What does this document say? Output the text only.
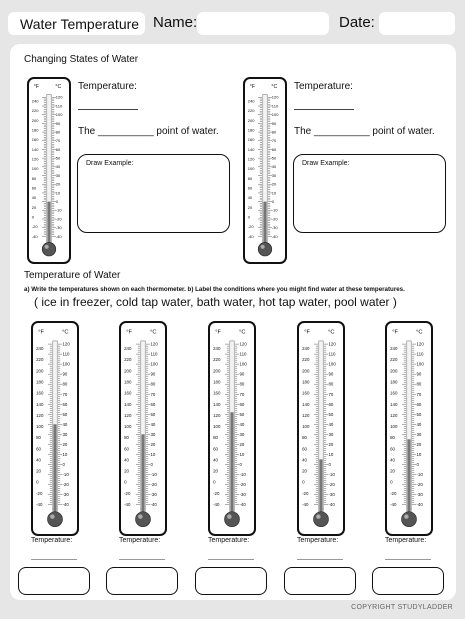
Water Temperature Name:	Date:
Changing States of Water
°F	°C
240
220
200
180
160
140
120
100
80
60
40
20
0
-20
-40
120
110
100
90
80
70
60
50
40
30
20
10
0
-10
-20
-30
-40
Temperature:
The __________ point of water.
Draw Example:
°F	°C
240
220
200
180
160
140
120
100
80
60
40
20
0
-20
-40
120
110
100
90
80
70
60
50
40
30
20
10
0
-10
-20
-30
-40
Temperature:
The __________ point of water.
Draw Example:
Temperature of Water
a) Write the temperatures shown on each thermometer. b) Label the conditions where you might find water at these temperatures.
( ice in freezer, cold tap water, bath water, hot tap water, pool water )
°F	°C
240
220
200
180
160
140
120
100
80
60
40
20
0
-20
-40
120
110
100
90
80
70
60
50
40
30
20
10
0
-10
-20
-30
-40
°F	°C
240
220
200
180
160
140
120
100
80
60
40
20
0
-20
-40
120
110
100
90
80
70
60
50
40
30
20
10
0
-10
-20
-30
-40
°F	°C
240
220
200
180
160
140
120
100
80
60
40
20
0
-20
-40
120
110
100
90
80
70
60
50
40
30
20
10
0
-10
-20
-30
-40
°F	°C
240
220
200
180
160
140
120
100
80
60
40
20
0
-20
-40
120
110
100
90
80
70
60
50
40
30
20
10
0
-10
-20
-30
-40
°F	°C
240
220
200
180
160
140
120
100
80
60
40
20
0
-20
-40
120
110
100
90
80
70
60
50
40
30
20
10
0
-10
-20
-30
-40
Temperature:	Temperature:	Temperature:	Temperature:	Temperature:
COPYRIGHT STUDYLADDER
